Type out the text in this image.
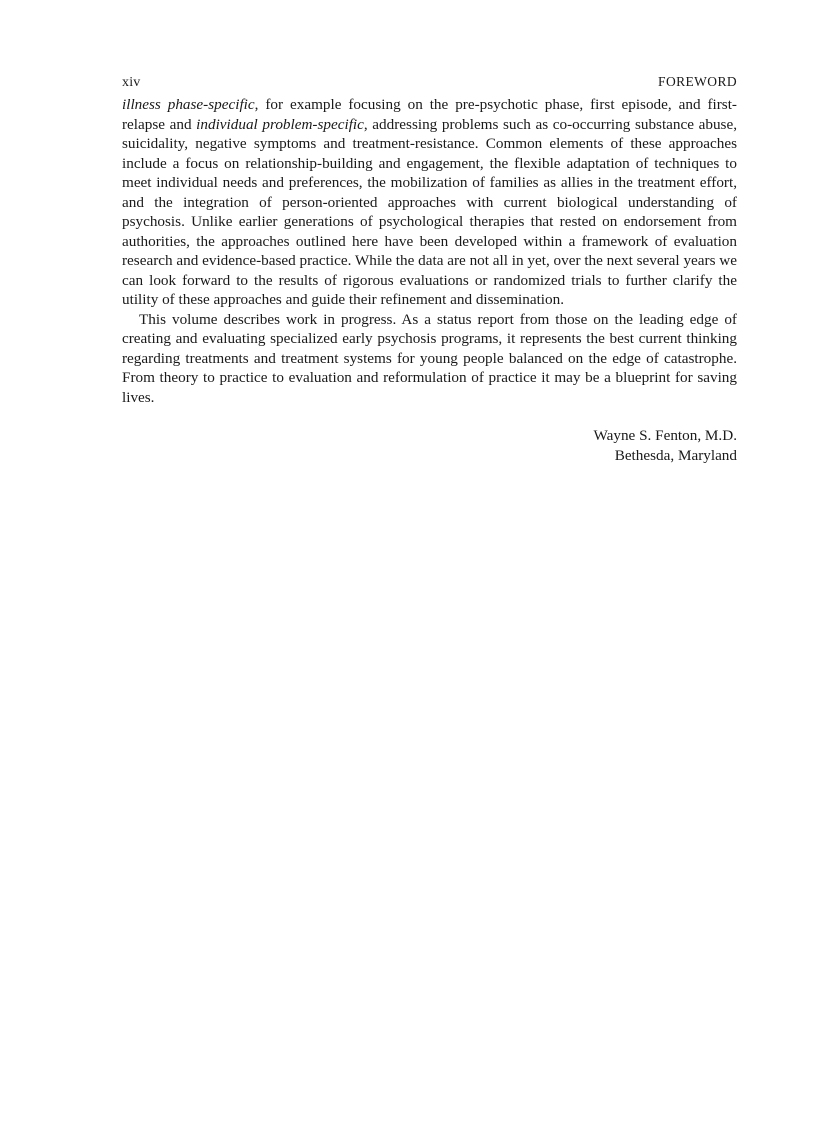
xiv	FOREWORD

illness phase-specific, for example focusing on the pre-psychotic phase, first episode, and first-relapse and individual problem-specific, addressing problems such as co-occurring substance abuse, suicidality, negative symptoms and treatment-resistance. Common elements of these approaches include a focus on relationship-building and engagement, the flexible adaptation of techniques to meet individual needs and preferences, the mobilization of families as allies in the treatment effort, and the integration of person-oriented approaches with current biological understanding of psychosis. Unlike earlier generations of psychological therapies that rested on endorsement from authorities, the approaches outlined here have been developed within a framework of evaluation research and evidence-based practice. While the data are not all in yet, over the next several years we can look forward to the results of rigorous evaluations or randomized trials to further clarify the utility of these approaches and guide their refinement and dissemination.

This volume describes work in progress. As a status report from those on the leading edge of creating and evaluating specialized early psychosis programs, it represents the best current thinking regarding treatments and treatment systems for young people balanced on the edge of catastrophe. From theory to practice to evaluation and reformulation of practice it may be a blueprint for saving lives.

Wayne S. Fenton, M.D.
Bethesda, Maryland
